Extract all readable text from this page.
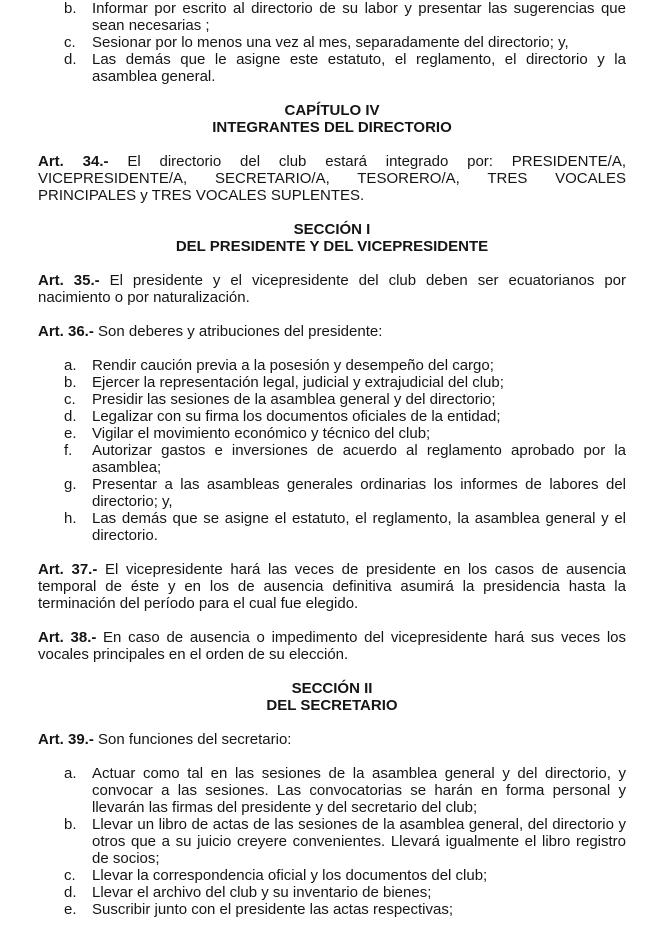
b.	Informar por escrito al directorio de su labor y presentar las sugerencias que sean necesarias ;
c.	Sesionar por lo menos una vez al mes, separadamente del directorio; y,
d.	Las demás que le asigne este estatuto, el reglamento, el directorio y la asamblea general.
CAPÍTULO IV
INTEGRANTES DEL DIRECTORIO

Art. 34.- El directorio del club estará integrado por: PRESIDENTE/A, VICEPRESIDENTE/A, SECRETARIO/A, TESORERO/A, TRES VOCALES PRINCIPALES y TRES VOCALES SUPLENTES.

SECCIÓN I
DEL PRESIDENTE Y DEL VICEPRESIDENTE

Art. 35.- El presidente y el vicepresidente del club deben ser ecuatorianos por nacimiento o por naturalización.

Art. 36.- Son deberes y atribuciones del presidente:

a.	Rendir caución previa a la posesión y desempeño del cargo;
b.	Ejercer la representación legal, judicial y extrajudicial del club;
c.	Presidir las sesiones de la asamblea general y del directorio;
d.	Legalizar con su firma los documentos oficiales de la entidad;
e.	Vigilar el movimiento económico y técnico del club;
f.	Autorizar gastos e inversiones de acuerdo al reglamento aprobado por la asamblea;
g.	Presentar a las asambleas generales ordinarias los informes de labores del directorio; y,
h.	Las demás que se asigne el estatuto, el reglamento, la asamblea general y el directorio.

Art. 37.- El vicepresidente hará las veces de presidente en los casos de ausencia temporal de éste y en los de ausencia definitiva asumirá la presidencia hasta la terminación del período para el cual fue elegido.

Art. 38.- En caso de ausencia o impedimento del vicepresidente hará sus veces los vocales principales en el orden de su elección.

SECCIÓN II
DEL SECRETARIO

Art. 39.- Son funciones del secretario:

a.	Actuar como tal en las sesiones de la asamblea general y del directorio, y convocar a las sesiones. Las convocatorias se harán en forma personal y llevarán las firmas del presidente y del secretario del club;
b.	Llevar un libro de actas de las sesiones de la asamblea general, del directorio y otros que a su juicio creyere convenientes. Llevará igualmente el libro registro de socios;
c.	Llevar la correspondencia oficial y los documentos del club;
d.	Llevar el archivo del club y su inventario de bienes;
e.	Suscribir junto con el presidente las actas respectivas;
